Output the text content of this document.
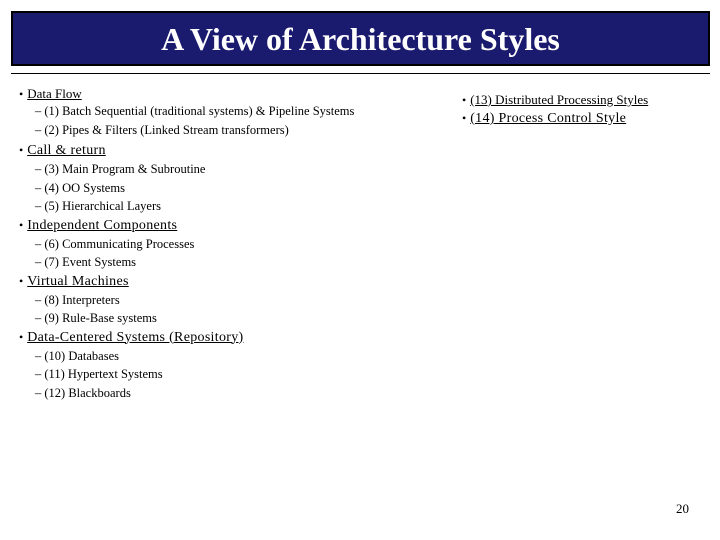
A View of Architecture Styles
• Data Flow
– (1) Batch Sequential (traditional systems) & Pipeline Systems
– (2) Pipes & Filters (Linked Stream transformers)
• Call & return
– (3) Main Program & Subroutine
– (4) OO Systems
– (5) Hierarchical Layers
• Independent Components
– (6) Communicating Processes
– (7) Event Systems
• Virtual Machines
– (8) Interpreters
– (9) Rule-Base systems
• Data-Centered Systems (Repository)
– (10) Databases
– (11) Hypertext Systems
– (12) Blackboards
• (13) Distributed Processing Styles
• (14) Process Control Style
20
